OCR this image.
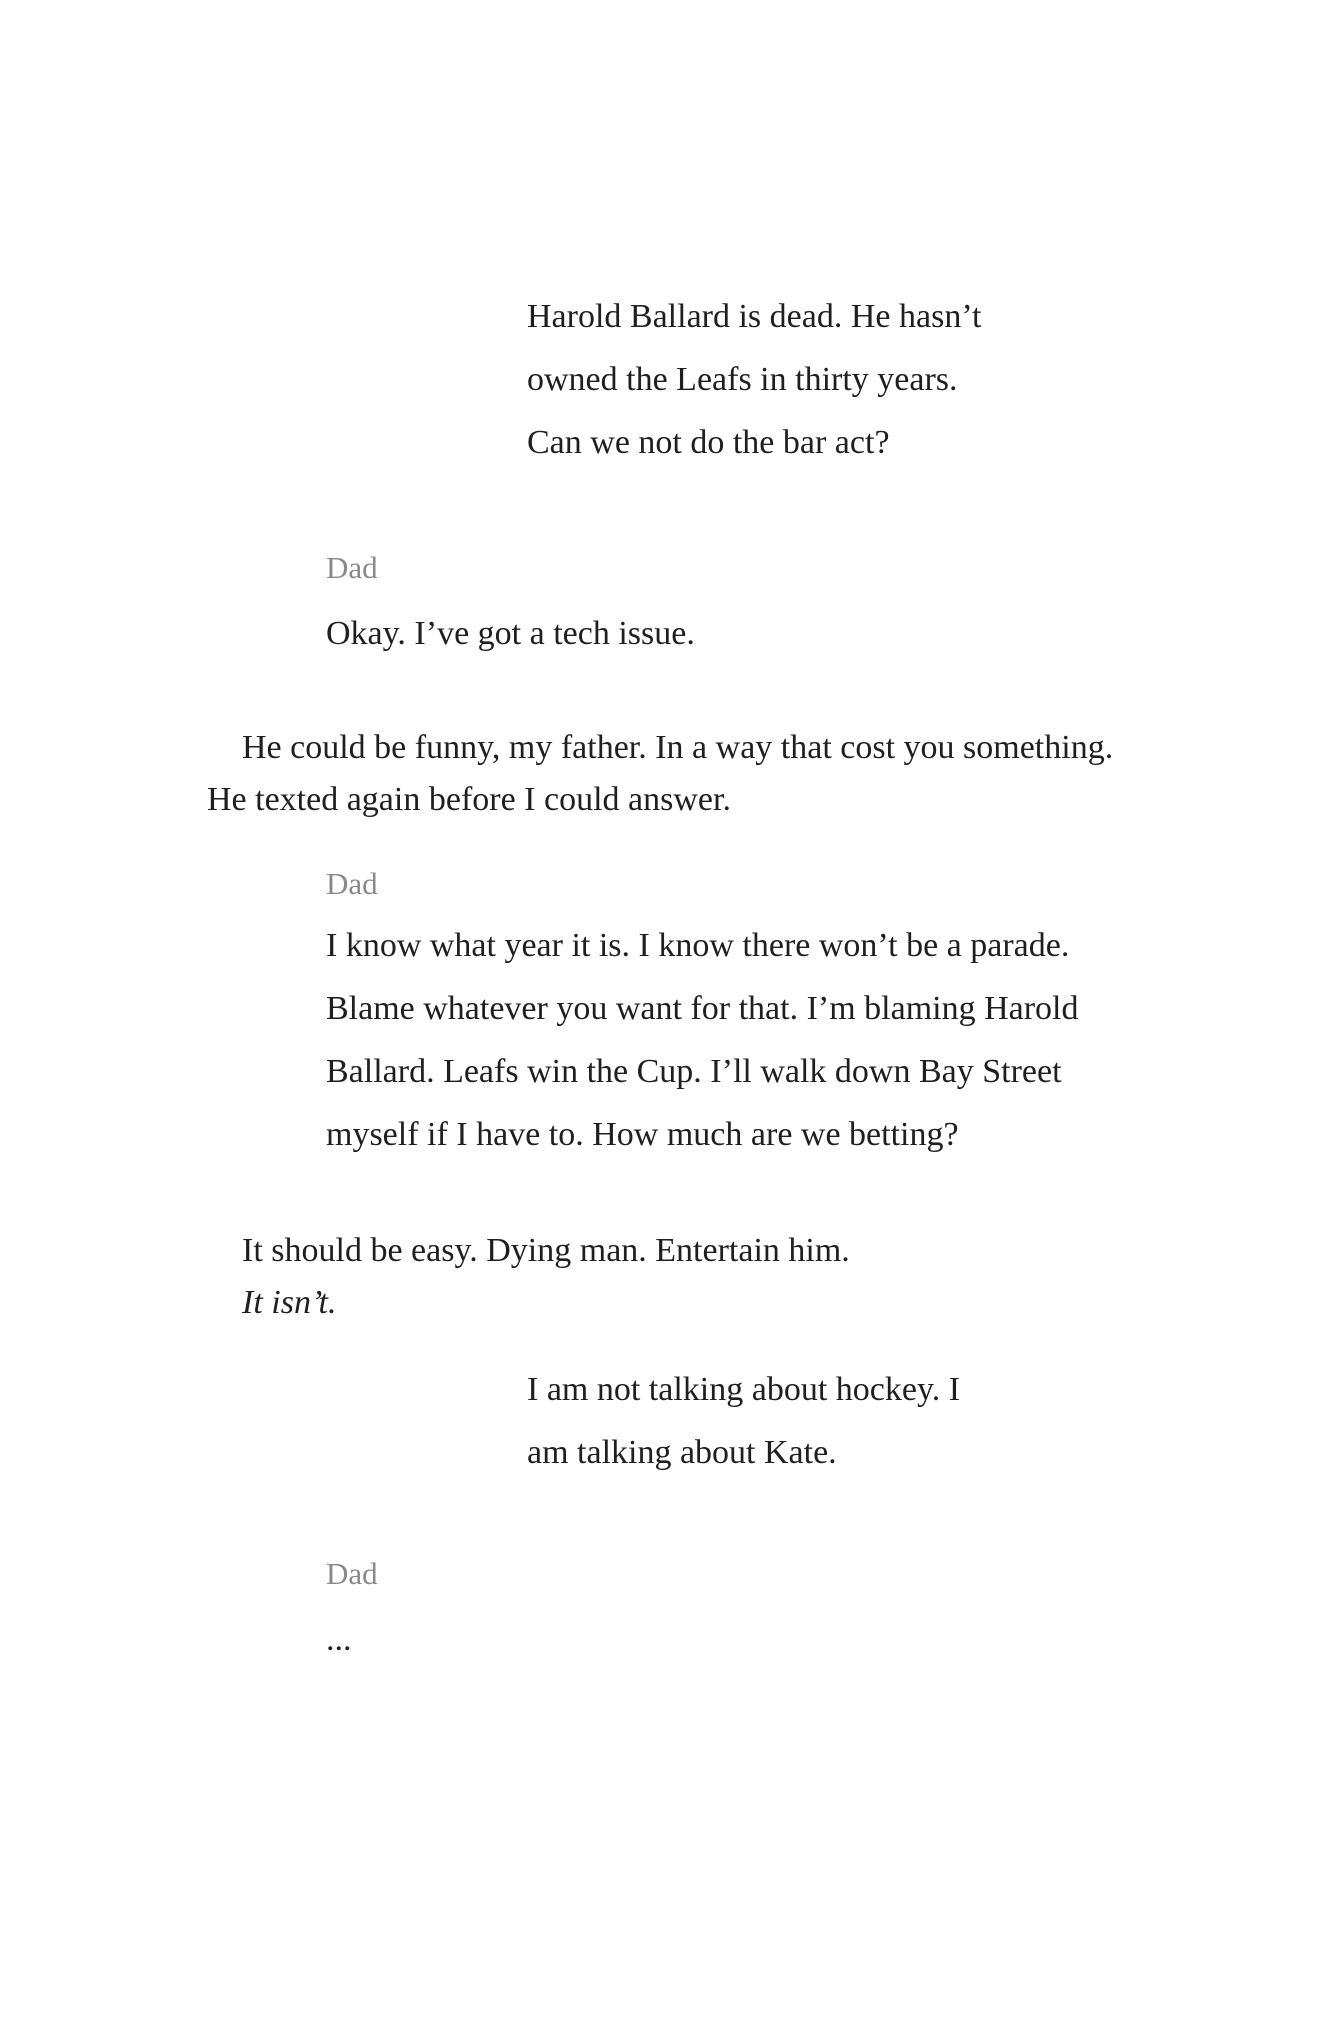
Harold Ballard is dead. He hasn’t

owned the Leafs in thirty years.

Can we not do the bar act?

Dad

Okay. I’ve got a tech issue.

He could be funny, my father. In a way that cost you something.

He texted again before I could answer.

Dad

I know what year it is. I know there won’t be a parade.

Blame whatever you want for that. I’m blaming Harold

Ballard. Leafs win the Cup. I’ll walk down Bay Street

myself if I have to. How much are we betting?

It should be easy. Dying man. Entertain him.

It isn’t.

I am not talking about hockey. I

am talking about Kate.

Dad

...
